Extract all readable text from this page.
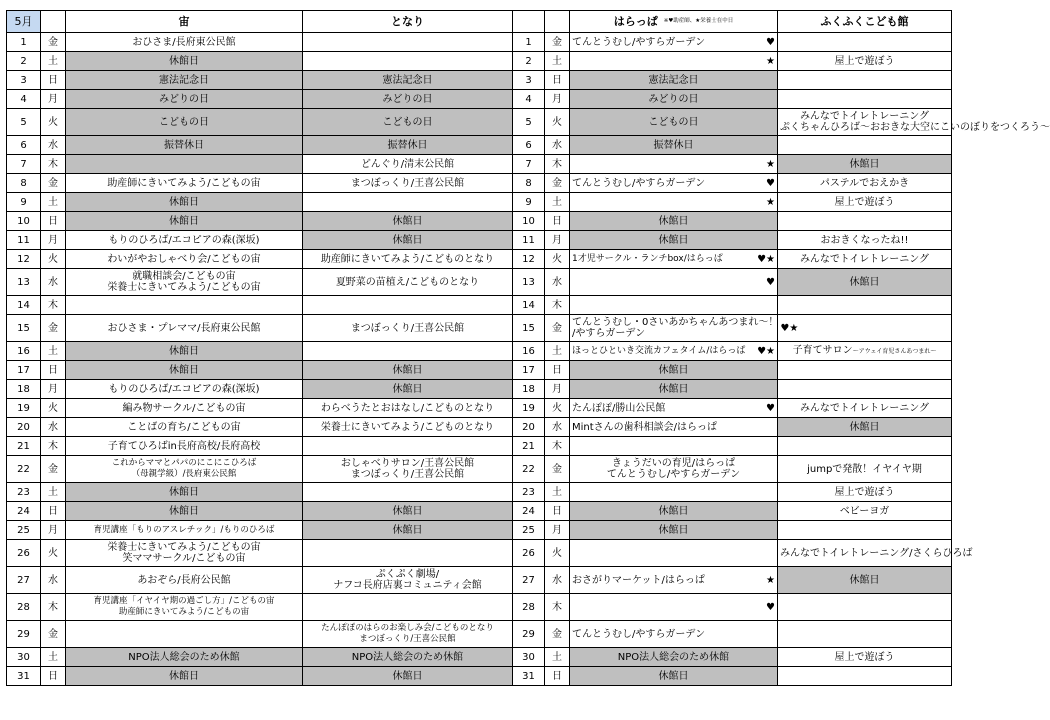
5月		宙	となり			はらっぱ ※♥助産師、★栄養士在中日	ふくふくこども館
1	金	おひさま/長府東公民館		1	金	てんとうむし/やすらガーデン ♥	

2	土	休館日		2	土	★	屋上で遊ぼう
3	日	憲法記念日	憲法記念日	3	日	憲法記念日	
4	月	みどりの日	みどりの日	4	月	みどりの日	
5	火	こどもの日	こどもの日	5	火	こどもの日	みんなでトイレトレーニング
ぷくちゃんひろば〜おおきな大空にこいのぼりをつくろう〜
6	水	振替休日	振替休日	6	水	振替休日	
7	木		どんぐり/清末公民館	7	木	★	休館日
8	金	助産師にきいてみよう/こどもの宙	まつぼっくり/王喜公民館	8	金	てんとうむし/やすらガーデン ♥	パステルでおえかき
9	土	休館日		9	土	★	屋上で遊ぼう
10	日	休館日	休館日	10	日	休館日	
11	月	もりのひろば/エコピアの森(深坂)	休館日	11	月	休館日	おおきくなったね!!
12	火	わいがやおしゃべり会/こどもの宙	助産師にきいてみよう/こどものとなり	12	火	1才児サークル・ランチbox/はらっぱ ♥★	みんなでトイレトレーニング
13	水	就職相談会/こどもの宙
栄養士にきいてみよう/こどもの宙	夏野菜の苗植え/こどものとなり	13	水	♥	休館日
14	木			14	木	

15	金	おひさま・プレママ/長府東公民館	まつぼっくり/王喜公民館	15	金	てんとうむし・0さいあかちゃんあつまれ〜！
/やすらガーデン ♥★	

16	土	休館日		16	土	ほっとひといき交流カフェタイム/はらっぱ ♥★	子育てサロン〜アウェイ育児さんあつまれ〜
17	日	休館日	休館日	17	日	休館日	
18	月	もりのひろば/エコピアの森(深坂)	休館日	18	月	休館日	
19	火	編み物サークル/こどもの宙	わらべうたとおはなし/こどものとなり	19	火	たんぽぽ/勝山公民館 ♥	みんなでトイレトレーニング
20	水	ことばの育ち/こどもの宙	栄養士にきいてみよう/こどものとなり	20	水	Mintさんの歯科相談会/はらっぱ	休館日
21	木	子育てひろばin長府高校/長府高校		21	木	

22	金	これからママとパパのにこにこひろば
（母親学級）/長府東公民館	おしゃべりサロン/王喜公民館
まつぼっくり/王喜公民館	22	金	きょうだいの育児/はらっぱ
てんとうむし/やすらガーデン	jumpで発散！イヤイヤ期
23	土	休館日		23	土		屋上で遊ぼう
24	日	休館日	休館日	24	日	休館日	ベビーヨガ
25	月	育児講座「もりのアスレチック」/もりのひろば	休館日	25	月	休館日	
26	火	栄養士にきいてみよう/こどもの宙
笑ママサークル/こどもの宙		26	火		みんなでトイレトレーニング/さくらひろば
27	水	あおぞら/長府公民館	ぷくぷく劇場/
ナフコ長府店裏コミュニティ会館	27	水	おさがりマーケット/はらっぱ ★	休館日
28	木	育児講座「イヤイヤ期の過ごし方」/こどもの宙
助産師にきいてみよう/こどもの宙		28	木	♥	

29	金		たんぽぽのはらのお楽しみ会/こどものとなり
まつぼっくり/王喜公民館	29	金	てんとうむし/やすらガーデン	

30	土	NPO法人総会のため休館	NPO法人総会のため休館	30	土	NPO法人総会のため休館	屋上で遊ぼう
31	日	休館日	休館日	31	日	休館日	
